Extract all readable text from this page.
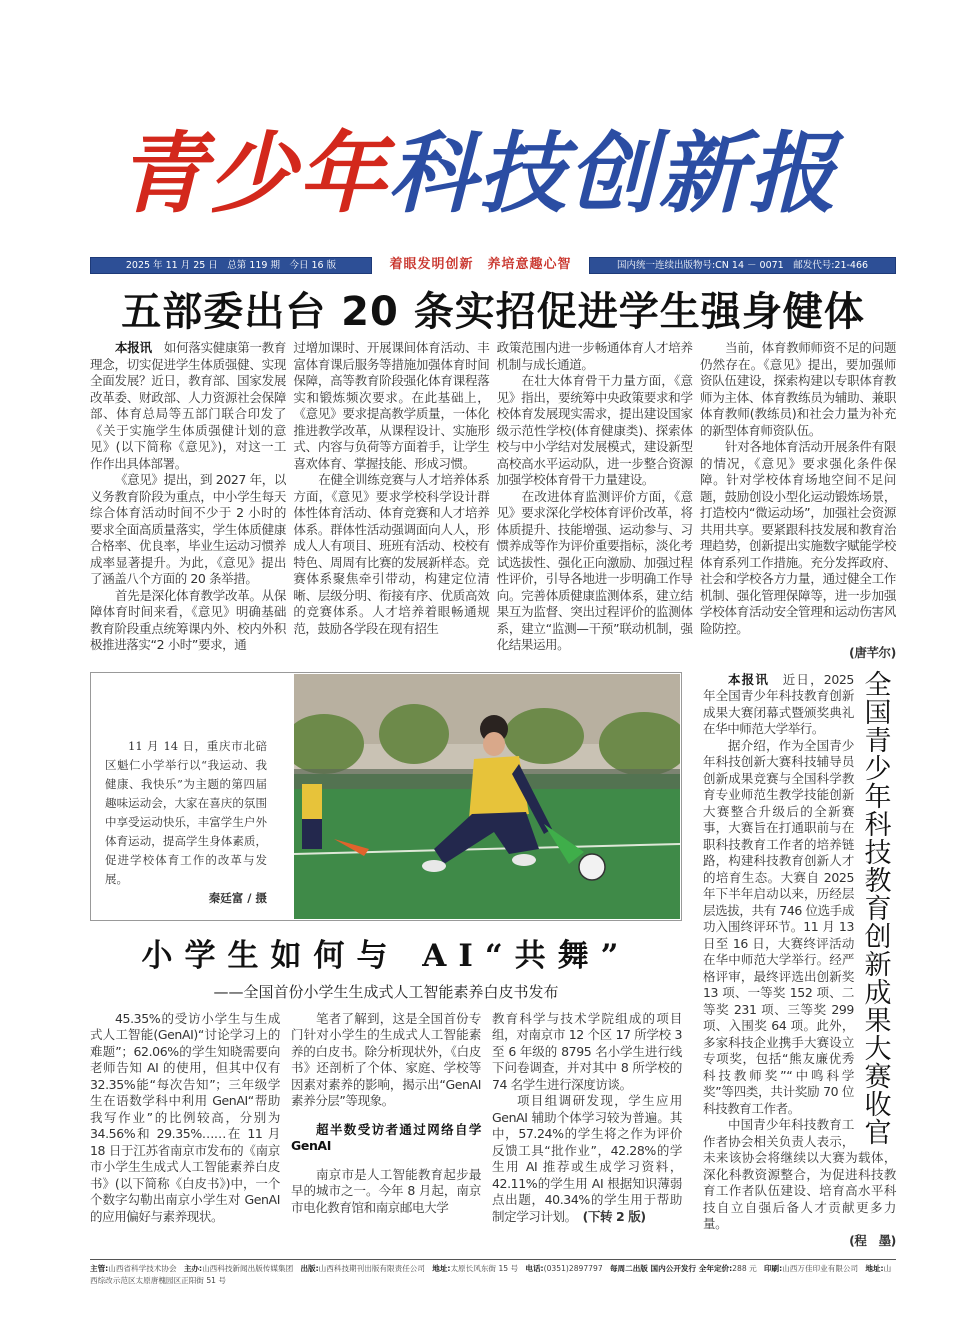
青少年科技创新报
2025 年 11 月 25 日　总第 119 期　今日 16 版	着眼发明创新　养培意趣心智	国内统一连续出版物号:CN 14 － 0071　邮发代号:21-466
五部委出台 20 条实招促进学生强身健体

本报讯　 如何落实健康第一教育理念，切实促进学生体质强健、实现全面发展？近日，教育部、国家发展改革委、财政部、人力资源社会保障部、体育总局等五部门联合印发了《关于实施学生体质强健计划的意见》(以下简称《意见》)，对这一工作作出具体部署。

《意见》提出，到 2027 年，以义务教育阶段为重点，中小学生每天综合体育活动时间不少于 2 小时的要求全面高质量落实，学生体质健康合格率、优良率，毕业生运动习惯养成率显著提升。为此，《意见》提出了涵盖八个方面的 20 条举措。

首先是深化体育教学改革。从保障体育时间来看，《意见》明确基础教育阶段重点统筹课内外、校内外积极推进落实“2 小时”要求，通

过增加课时、开展课间体育活动、丰富体育课后服务等措施加强体育时间保障，高等教育阶段强化体育课程落实和锻炼频次要求。在此基础上，《意见》要求提高教学质量，一体化推进教学改革，从课程设计、实施形式、内容与负荷等方面着手，让学生喜欢体育、掌握技能、形成习惯。

在健全训练竞赛与人才培养体系方面，《意见》要求学校科学设计群体性体育活动、体育竞赛和人才培养体系。群体性活动强调面向人人，形成人人有项目、班班有活动、校校有特色、周周有比赛的发展新样态。竞赛体系聚焦牵引带动，构建定位清晰、层级分明、衔接有序、优质高效的竞赛体系。人才培养着眼畅通规范，鼓励各学段在现有招生

政策范围内进一步畅通体育人才培养机制与成长通道。

在壮大体育骨干力量方面，《意见》指出，要统筹中央政策要求和学校体育发展现实需求，提出建设国家级示范性学校(体育健康类)、探索体校与中小学结对发展模式，建设新型高校高水平运动队，进一步整合资源加强学校体育骨干力量建设。

在改进体育监测评价方面，《意见》要求深化学校体育评价改革，将体质提升、技能增强、运动参与、习惯养成等作为评价重要指标，淡化考试选拔性、强化正向激励、加强过程性评价，引导各地进一步明确工作导向。完善体质健康监测体系，建立结果互为监督、突出过程评价的监测体系，建立“监测—干预”联动机制，强化结果运用。

当前，体育教师师资不足的问题仍然存在。《意见》提出，要加强师资队伍建设，探索构建以专职体育教师为主体、体育教练员为辅助、兼职体育教师(教练员)和社会力量为补充的新型体育师资队伍。

针对各地体育活动开展条件有限的情况，《意见》要求强化条件保障。针对学校体育场地空间不足问题，鼓励创设小型化运动锻炼场景，打造校内“微运动场”，加强社会资源共用共享。要紧跟科技发展和教育治理趋势，创新提出实施数字赋能学校体育系列工作措施。充分发挥政府、社会和学校各方力量，通过健全工作机制、强化管理保障等，进一步加强学校体育活动安全管理和运动伤害风险防控。

(唐芊尔)

11 月 14 日，重庆市北碚区魁仁小学举行以“我运动、我健康、我快乐”为主题的第四届趣味运动会，大家在喜庆的氛围中享受运动快乐，丰富学生户外体育运动，提高学生身体素质，促进学校体育工作的改革与发展。

秦廷富 / 摄

小学生如何与 AI“共舞”
——全国首份小学生生成式人工智能素养白皮书发布

45.35%的受访小学生与生成式人工智能(GenAI)“讨论学习上的难题”；62.06%的学生知晓需要向老师告知 AI 的使用，但其中仅有 32.35%能“每次告知”；三年级学生在语数学科中利用 GenAI“帮助我写作业”的比例较高，分别为 34.56%和 29.35%……在 11 月 18 日于江苏省南京市发布的《南京市小学生生成式人工智能素养白皮书》(以下简称《白皮书》)中，一个个数字勾勒出南京小学生对 GenAI 的应用偏好与素养现状。

笔者了解到，这是全国首份专门针对小学生的生成式人工智能素养的白皮书。除分析现状外，《白皮书》还剖析了个体、家庭、学校等因素对素养的影响，揭示出“GenAI 素养分层”等现象。

超半数受访者通过网络自学 GenAI

南京市是人工智能教育起步最早的城市之一。今年 8 月起，南京市电化教育馆和南京邮电大学

教育科学与技术学院组成的项目组，对南京市 12 个区 17 所学校 3 至 6 年级的 8795 名小学生进行线下问卷调查，并对其中 8 所学校的 74 名学生进行深度访谈。

项目组调研发现，学生应用 GenAI 辅助个体学习较为普遍。其中，57.24%的学生将之作为评价反馈工具“批作业”，42.28%的学生用 AI 推荐或生成学习资料，42.11%的学生用 AI 根据知识薄弱点出题，40.34%的学生用于帮助制定学习计划。　 (下转 2 版)

全国青少年科技教育创新成果大赛收官

本报讯　 近日，2025 年全国青少年科技教育创新成果大赛闭幕式暨颁奖典礼在华中师范大学举行。

据介绍，作为全国青少年科技创新大赛科技辅导员创新成果竞赛与全国科学教育专业师范生教学技能创新大赛整合升级后的全新赛事，大赛旨在打通职前与在职科技教育工作者的培养链路，构建科技教育创新人才的培育生态。大赛自 2025 年下半年启动以来，历经层层选拔，共有 746 位选手成功入围终评环节。11 月 13 日至 16 日，大赛终评活动在华中师范大学举行。经严格评审，最终评选出创新奖 13 项、一等奖 152 项、二等奖 231 项、三等奖 299 项、入围奖 64 项。此外，多家科技企业携手大赛设立专项奖，包括“熊友廉优秀科技教师奖”“中鸣科学奖”等四类，共计奖励 70 位科技教育工作者。

中国青少年科技教育工作者协会相关负责人表示，未来该协会将继续以大赛为载体，深化科教资源整合，为促进科技教育工作者队伍建设、培育高水平科技自立自强后备人才贡献更多力量。

(程　墨)

主管:山西省科学技术协会 主办:山西科技新闻出版传媒集团 出版:山西科技期刊出版有限责任公司 地址:太原长风东街 15 号 电话:(0351)2897797 每周二出版 国内公开发行 全年定价:288 元 印刷:山西万佳印业有限公司 地址:山西综改示范区太原唐槐园区正阳街 51 号
